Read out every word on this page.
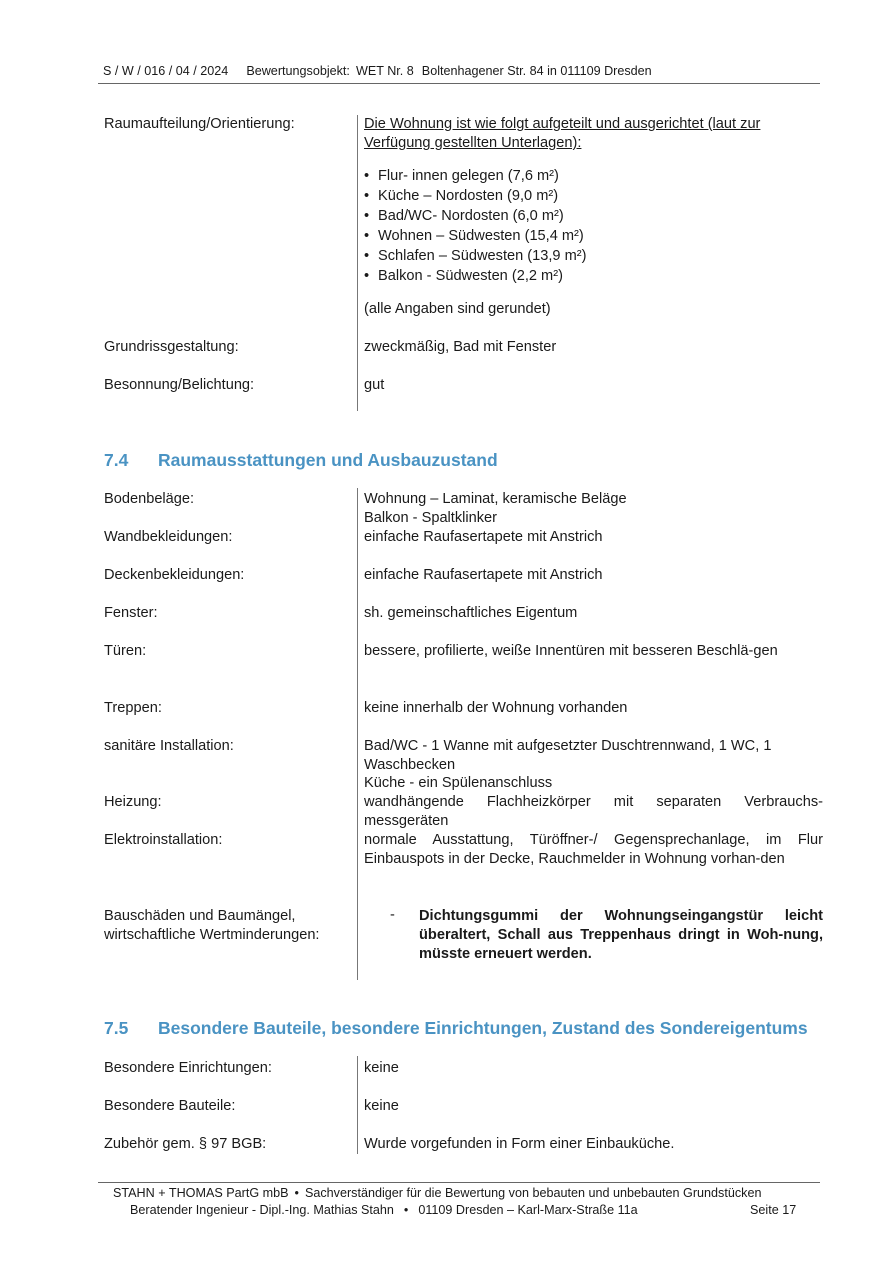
S / W / 016 / 04 / 2024 Bewertungsobjekt: WET Nr. 8 Boltenhagener Str. 84 in 011109 Dresden
Raumaufteilung/Orientierung:	Die Wohnung ist wie folgt aufgeteilt und ausgerichtet (laut zur Verfügung gestellten Unterlagen):
• Flur- innen gelegen (7,6 m²)
• Küche – Nordosten (9,0 m²)
• Bad/WC- Nordosten (6,0 m²)
• Wohnen – Südwesten (15,4 m²)
• Schlafen – Südwesten (13,9 m²)
• Balkon - Südwesten (2,2 m²)
(alle Angaben sind gerundet)
Grundrissgestaltung:	zweckmäßig, Bad mit Fenster
Besonnung/Belichtung:	gut
7.4 Raumausstattungen und Ausbauzustand
Bodenbeläge:	Wohnung – Laminat, keramische Beläge
Balkon - Spaltklinker
Wandbekleidungen:	einfache Raufasertapete mit Anstrich
Deckenbekleidungen:	einfache Raufasertapete mit Anstrich
Fenster:	sh. gemeinschaftliches Eigentum
Türen:	bessere, profilierte, weiße Innentüren mit besseren Beschlä-gen
Treppen:	keine innerhalb der Wohnung vorhanden
sanitäre Installation:	Bad/WC - 1 Wanne mit aufgesetzter Duschtrennwand, 1 WC, 1 Waschbecken
Küche - ein Spülenanschluss
Heizung:	wandhängende Flachheizkörper mit separaten Verbrauchs-messgeräten
Elektroinstallation:	normale Ausstattung, Türöffner-/ Gegensprechanlage, im Flur Einbauspots in der Decke, Rauchmelder in Wohnung vorhan-den
Bauschäden und Baumängel,
wirtschaftliche Wertminderungen:
- Dichtungsgummi der Wohnungseingangstür leicht überaltert, Schall aus Treppenhaus dringt in Woh-nung, müsste erneuert werden.
7.5 Besondere Bauteile, besondere Einrichtungen, Zustand des Sondereigentums
Besondere Einrichtungen:	keine
Besondere Bauteile:	keine
Zubehör gem. § 97 BGB:	Wurde vorgefunden in Form einer Einbauküche.
STAHN + THOMAS PartG mbB • Sachverständiger für die Bewertung von bebauten und unbebauten Grundstücken
Beratender Ingenieur - Dipl.-Ing. Mathias Stahn • 01109 Dresden – Karl-Marx-Straße 11a	Seite 17
